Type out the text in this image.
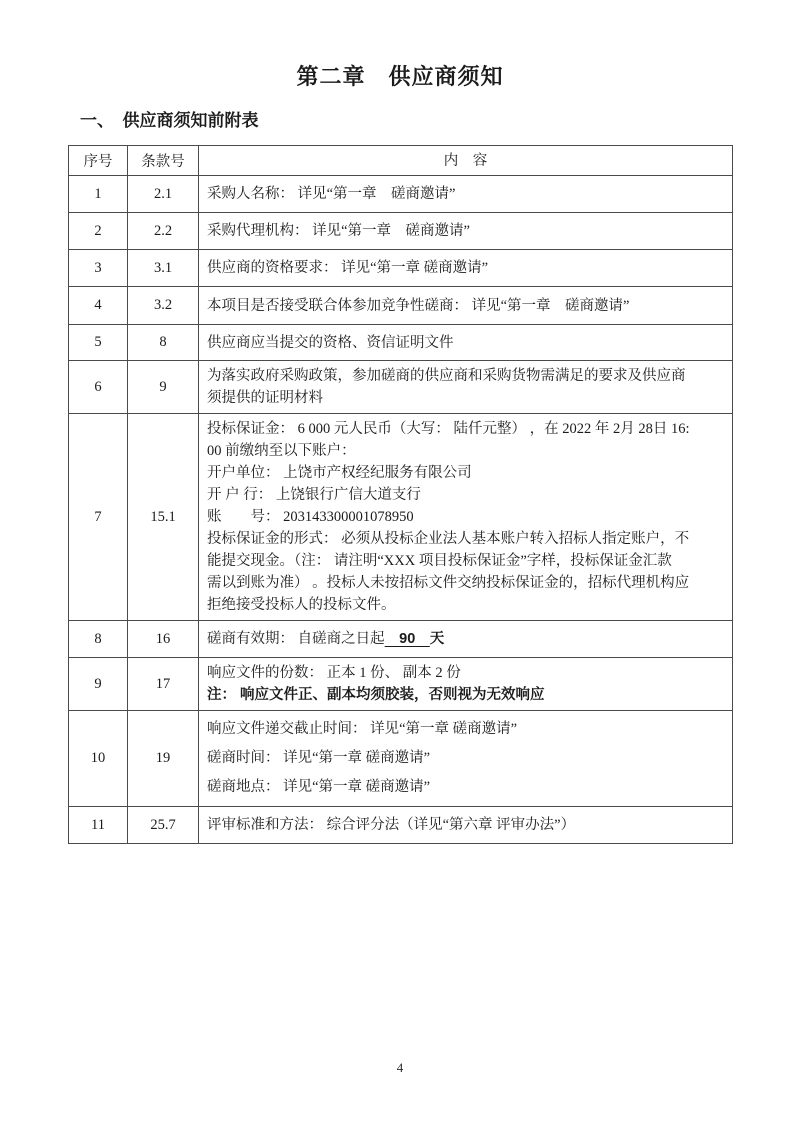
第二章　供应商须知
一、　供应商须知前附表
序号	条款号	内　容
1	2.1	采购人名称： 详见“第一章　磋商邀请”

2	2.2	采购代理机构： 详见“第一章　磋商邀请”

3	3.1	供应商的资格要求： 详见“第一章 磋商邀请”

4	3.2	本项目是否接受联合体参加竞争性磋商： 详见“第一章　磋商邀请”

5	8	供应商应当提交的资格、资信证明文件

6	9	为落实政府采购政策，参加磋商的供应商和采购货物需满足的要求及供应商
须提供的证明材料

7	15.1	
投标保证金： 6 000 元人民币（大写： 陆仟元整） ，在 2022 年 2月 28日 16:
00 前缴纳至以下账户：
开户单位： 上饶市产权经纪服务有限公司
开 户 行： 上饶银行广信大道支行
账　　号： 203143300001078950
投标保证金的形式： 必须从投标企业法人基本账户转入招标人指定账户，不
能提交现金。（注： 请注明“XXX 项目投标保证金”字样，投标保证金汇款
需以到账为准） 。投标人未按招标文件交纳投标保证金的，招标代理机构应
拒绝接受投标人的投标文件。

8	16	磋商有效期： 自磋商之日起　90　天

9	17	响应文件的份数： 正本 1 份、 副本 2 份
注： 响应文件正、副本均须胶装，否则视为无效响应

10	19	响应文件递交截止时间： 详见“第一章 磋商邀请”
磋商时间： 详见“第一章 磋商邀请”
磋商地点： 详见“第一章 磋商邀请”

11	25.7	评审标准和方法： 综合评分法（详见“第六章 评审办法”）
4
